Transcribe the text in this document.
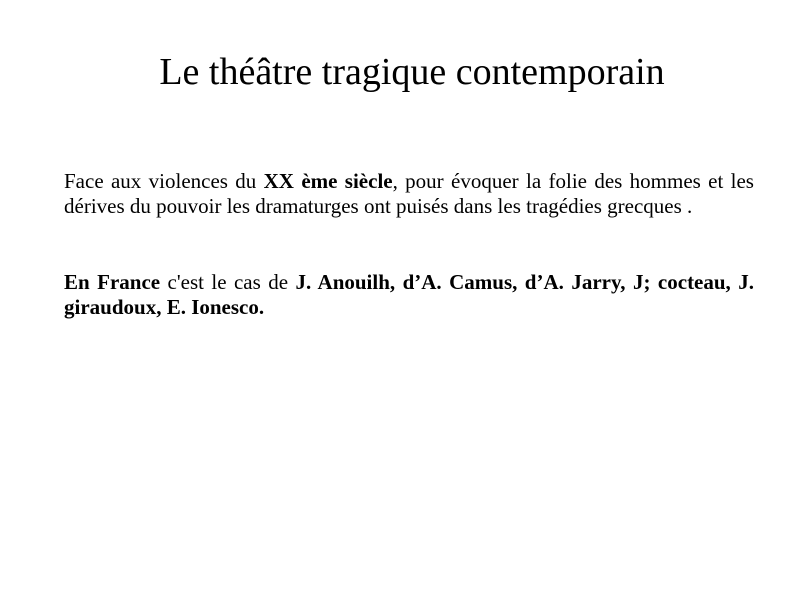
Le théâtre tragique contemporain

Face aux violences du XX ème siècle, pour évoquer la folie des hommes et les dérives du pouvoir les dramaturges ont puisés dans les tragédies grecques .

En France c'est le cas de J. Anouilh, d’A. Camus, d’A. Jarry, J; cocteau, J. giraudoux, E. Ionesco.
